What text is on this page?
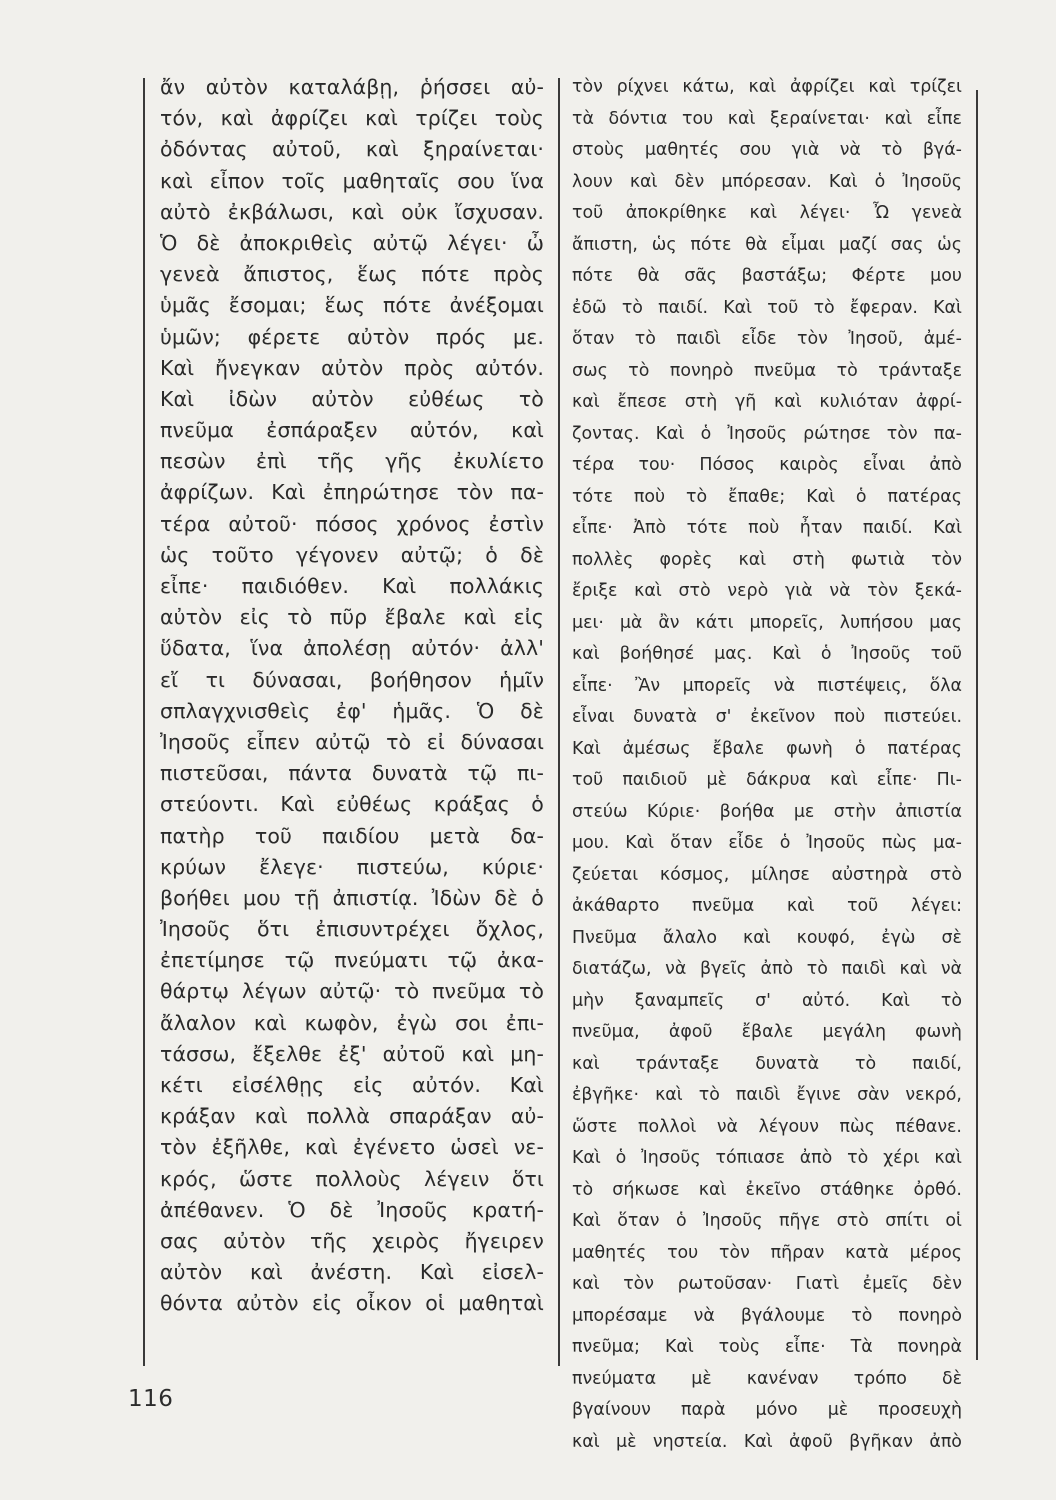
ἄν αὐτὸν καταλάβῃ, ῥήσσει αὐ-
τόν, καὶ ἀφρίζει καὶ τρίζει τοὺς
ὀδόντας αὐτοῦ, καὶ ξηραίνεται·
καὶ εἶπον τοῖς μαθηταῖς σου ἵνα
αὐτὸ ἐκβάλωσι, καὶ οὐκ ἴσχυσαν.
Ὁ δὲ ἀποκριθεὶς αὐτῷ λέγει· ὦ
γενεὰ ἄπιστος, ἕως πότε πρὸς
ὑμᾶς ἔσομαι; ἕως πότε ἀνέξομαι
ὑμῶν; φέρετε αὐτὸν πρός με.
Καὶ ἤνεγκαν αὐτὸν πρὸς αὐτόν.
Καὶ ἰδὼν αὐτὸν εὐθέως τὸ
πνεῦμα ἐσπάραξεν αὐτόν, καὶ
πεσὼν ἐπὶ τῆς γῆς ἐκυλίετο
ἀφρίζων. Καὶ ἐπηρώτησε τὸν πα-
τέρα αὐτοῦ· πόσος χρόνος ἐστὶν
ὡς τοῦτο γέγονεν αὐτῷ; ὁ δὲ
εἶπε· παιδιόθεν. Καὶ πολλάκις
αὐτὸν εἰς τὸ πῦρ ἔβαλε καὶ εἰς
ὕδατα, ἵνα ἀπολέσῃ αὐτόν· ἀλλ'
εἴ τι δύνασαι, βοήθησον ἡμῖν
σπλαγχνισθεὶς ἐφ' ἡμᾶς. Ὁ δὲ
Ἰησοῦς εἶπεν αὐτῷ τὸ εἰ δύνασαι
πιστεῦσαι, πάντα δυνατὰ τῷ πι-
στεύοντι. Καὶ εὐθέως κράξας ὁ
πατὴρ τοῦ παιδίου μετὰ δα-
κρύων ἔλεγε· πιστεύω, κύριε·
βοήθει μου τῇ ἀπιστίᾳ. Ἰδὼν δὲ ὁ
Ἰησοῦς ὅτι ἐπισυντρέχει ὄχλος,
ἐπετίμησε τῷ πνεύματι τῷ ἀκα-
θάρτῳ λέγων αὐτῷ· τὸ πνεῦμα τὸ
ἄλαλον καὶ κωφὸν, ἐγὼ σοι ἐπι-
τάσσω, ἔξελθε ἐξ' αὐτοῦ καὶ μη-
κέτι εἰσέλθῃς εἰς αὐτόν. Καὶ
κράξαν καὶ πολλὰ σπαράξαν αὐ-
τὸν ἐξῆλθε, καὶ ἐγένετο ὡσεὶ νε-
κρός, ὥστε πολλοὺς λέγειν ὅτι
ἀπέθανεν. Ὁ δὲ Ἰησοῦς κρατή-
σας αὐτὸν τῆς χειρὸς ἤγειρεν
αὐτὸν καὶ ἀνέστη. Καὶ εἰσελ-
θόντα αὐτὸν εἰς οἶκον οἱ μαθηταὶ
τὸν ρίχνει κάτω, καὶ ἀφρίζει καὶ τρίζει
τὰ δόντια του καὶ ξεραίνεται· καὶ εἶπε
στοὺς μαθητές σου γιὰ νὰ τὸ βγά-
λουν καὶ δὲν μπόρεσαν. Καὶ ὁ Ἰησοῦς
τοῦ ἀποκρίθηκε καὶ λέγει· Ὦ γενεὰ
ἄπιστη, ὡς πότε θὰ εἶμαι μαζί σας ὡς
πότε θὰ σᾶς βαστάξω; Φέρτε μου
ἐδῶ τὸ παιδί. Καὶ τοῦ τὸ ἔφεραν. Καὶ
ὅταν τὸ παιδὶ εἶδε τὸν Ἰησοῦ, ἀμέ-
σως τὸ πονηρὸ πνεῦμα τὸ τράνταξε
καὶ ἔπεσε στὴ γῆ καὶ κυλιόταν ἀφρί-
ζοντας. Καὶ ὁ Ἰησοῦς ρώτησε τὸν πα-
τέρα του· Πόσος καιρὸς εἶναι ἀπὸ
τότε ποὺ τὸ ἔπαθε; Καὶ ὁ πατέρας
εἶπε· Ἀπὸ τότε ποὺ ἦταν παιδί. Καὶ
πολλὲς φορὲς καὶ στὴ φωτιὰ τὸν
ἔριξε καὶ στὸ νερὸ γιὰ νὰ τὸν ξεκά-
μει· μὰ ἂν κάτι μπορεῖς, λυπήσου μας
καὶ βοήθησέ μας. Καὶ ὁ Ἰησοῦς τοῦ
εἶπε· Ἂν μπορεῖς νὰ πιστέψεις, ὅλα
εἶναι δυνατὰ σ' ἐκεῖνον ποὺ πιστεύει.
Καὶ ἀμέσως ἔβαλε φωνὴ ὁ πατέρας
τοῦ παιδιοῦ μὲ δάκρυα καὶ εἶπε· Πι-
στεύω Κύριε· βοήθα με στὴν ἀπιστία
μου. Καὶ ὅταν εἶδε ὁ Ἰησοῦς πὼς μα-
ζεύεται κόσμος, μίλησε αὐστηρὰ στὸ
ἀκάθαρτο πνεῦμα καὶ τοῦ λέγει:
Πνεῦμα ἄλαλο καὶ κουφό, ἐγὼ σὲ
διατάζω, νὰ βγεῖς ἀπὸ τὸ παιδὶ καὶ νὰ
μὴν ξαναμπεῖς σ' αὐτό. Καὶ τὸ
πνεῦμα, ἀφοῦ ἔβαλε μεγάλη φωνὴ
καὶ τράνταξε δυνατὰ τὸ παιδί,
ἐβγῆκε· καὶ τὸ παιδὶ ἔγινε σὰν νεκρό,
ὥστε πολλοὶ νὰ λέγουν πὼς πέθανε.
Καὶ ὁ Ἰησοῦς τόπιασε ἀπὸ τὸ χέρι καὶ
τὸ σήκωσε καὶ ἐκεῖνο στάθηκε ὀρθό.
Καὶ ὅταν ὁ Ἰησοῦς πῆγε στὸ σπίτι οἱ
μαθητές του τὸν πῆραν κατὰ μέρος
καὶ τὸν ρωτοῦσαν· Γιατὶ ἐμεῖς δὲν
μπορέσαμε νὰ βγάλουμε τὸ πονηρὸ
πνεῦμα; Καὶ τοὺς εἶπε· Τὰ πονηρὰ
πνεύματα μὲ κανέναν τρόπο δὲ
βγαίνουν παρὰ μόνο μὲ προσευχὴ
καὶ μὲ νηστεία. Καὶ ἀφοῦ βγῆκαν ἀπὸ
116
